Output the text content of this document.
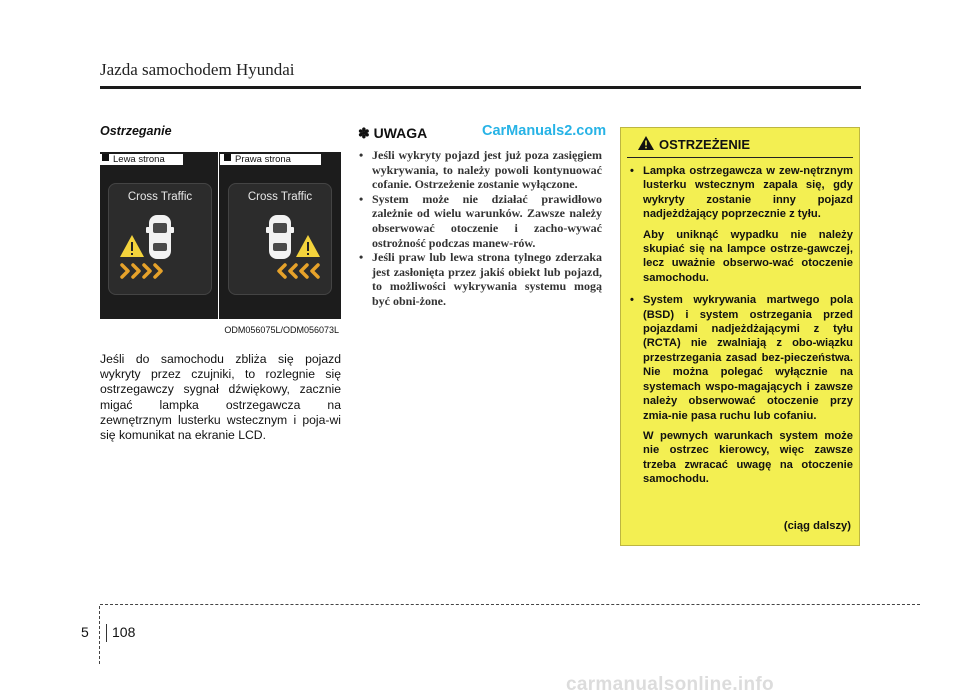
Jazda samochodem Hyundai
Ostrzeganie
Lewa strona	Prawa strona
Cross Traffic	Cross Traffic
ODM056075L/ODM056073L
Jeśli do samochodu zbliża się pojazd wykryty przez czujniki, to rozlegnie się ostrzegawczy sygnał dźwiękowy, zacznie migać lampka ostrzegawcza na zewnętrznym lusterku wstecznym i poja-wi się komunikat na ekranie LCD.
✽ UWAGA	CarManuals2.com
• Jeśli wykryty pojazd jest już poza zasięgiem wykrywania, to należy powoli kontynuować cofanie. Ostrzeżenie zostanie wyłączone.
• System może nie działać prawidłowo zależnie od wielu warunków. Zawsze należy obserwować otoczenie i zacho-wywać ostrożność podczas manew-rów.
• Jeśli praw lub lewa strona tylnego zderzaka jest zasłonięta przez jakiś obiekt lub pojazd, to możliwości wykrywania systemu mogą być obni-żone.
OSTRZEŻENIE

• Lampka ostrzegawcza w zew-nętrznym lusterku wstecznym zapala się, gdy wykryty zostanie inny pojazd nadjeżdżający poprzecznie z tyłu.

Aby uniknąć wypadku nie należy skupiać się na lampce ostrze-gawczej, lecz uważnie obserwo-wać otoczenie samochodu.

• System wykrywania martwego pola (BSD) i system ostrzegania przed pojazdami nadjeżdżającymi z tyłu (RCTA) nie zwalniają z obo-wiązku przestrzegania zasad bez-pieczeństwa. Nie można polegać wyłącznie na systemach wspo-magających i zawsze należy obserwować otoczenie przy zmia-nie pasa ruchu lub cofaniu.

W pewnych warunkach system może nie ostrzec kierowcy, więc zawsze trzeba zwracać uwagę na otoczenie samochodu.

(ciąg dalszy)
5 108
carmanualsonline.info
